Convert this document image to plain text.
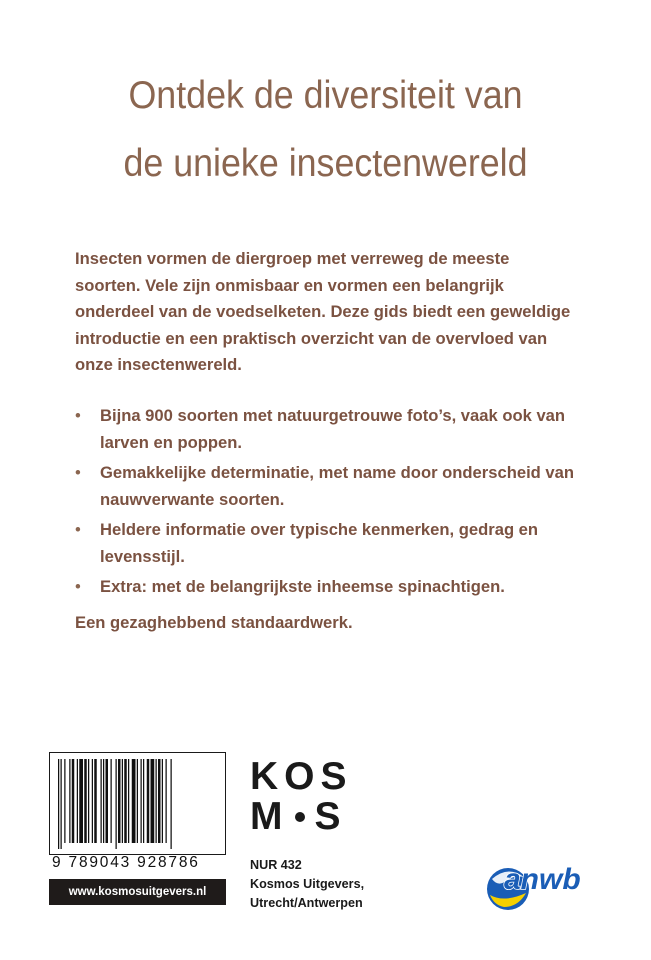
Ontdek de diversiteit van
de unieke insectenwereld
Insecten vormen de diergroep met verreweg de meeste soorten. Vele zijn onmisbaar en vormen een belangrijk onderdeel van de voedselketen. Deze gids biedt een geweldige introductie en een praktisch overzicht van de overvloed van onze insectenwereld.
• Bijna 900 soorten met natuurgetrouwe foto’s, vaak ook van larven en poppen.
• Gemakkelijke determinatie, met name door onderscheid van nauwverwante soorten.
• Heldere informatie over typische kenmerken, gedrag en levensstijl.
• Extra: met de belangrijkste inheemse spinachtigen.
Een gezaghebbend standaardwerk.
9 789043 928786
www.kosmosuitgevers.nl
KOS
M S
NUR 432
Kosmos Uitgevers,
Utrecht/Antwerpen
anwb
